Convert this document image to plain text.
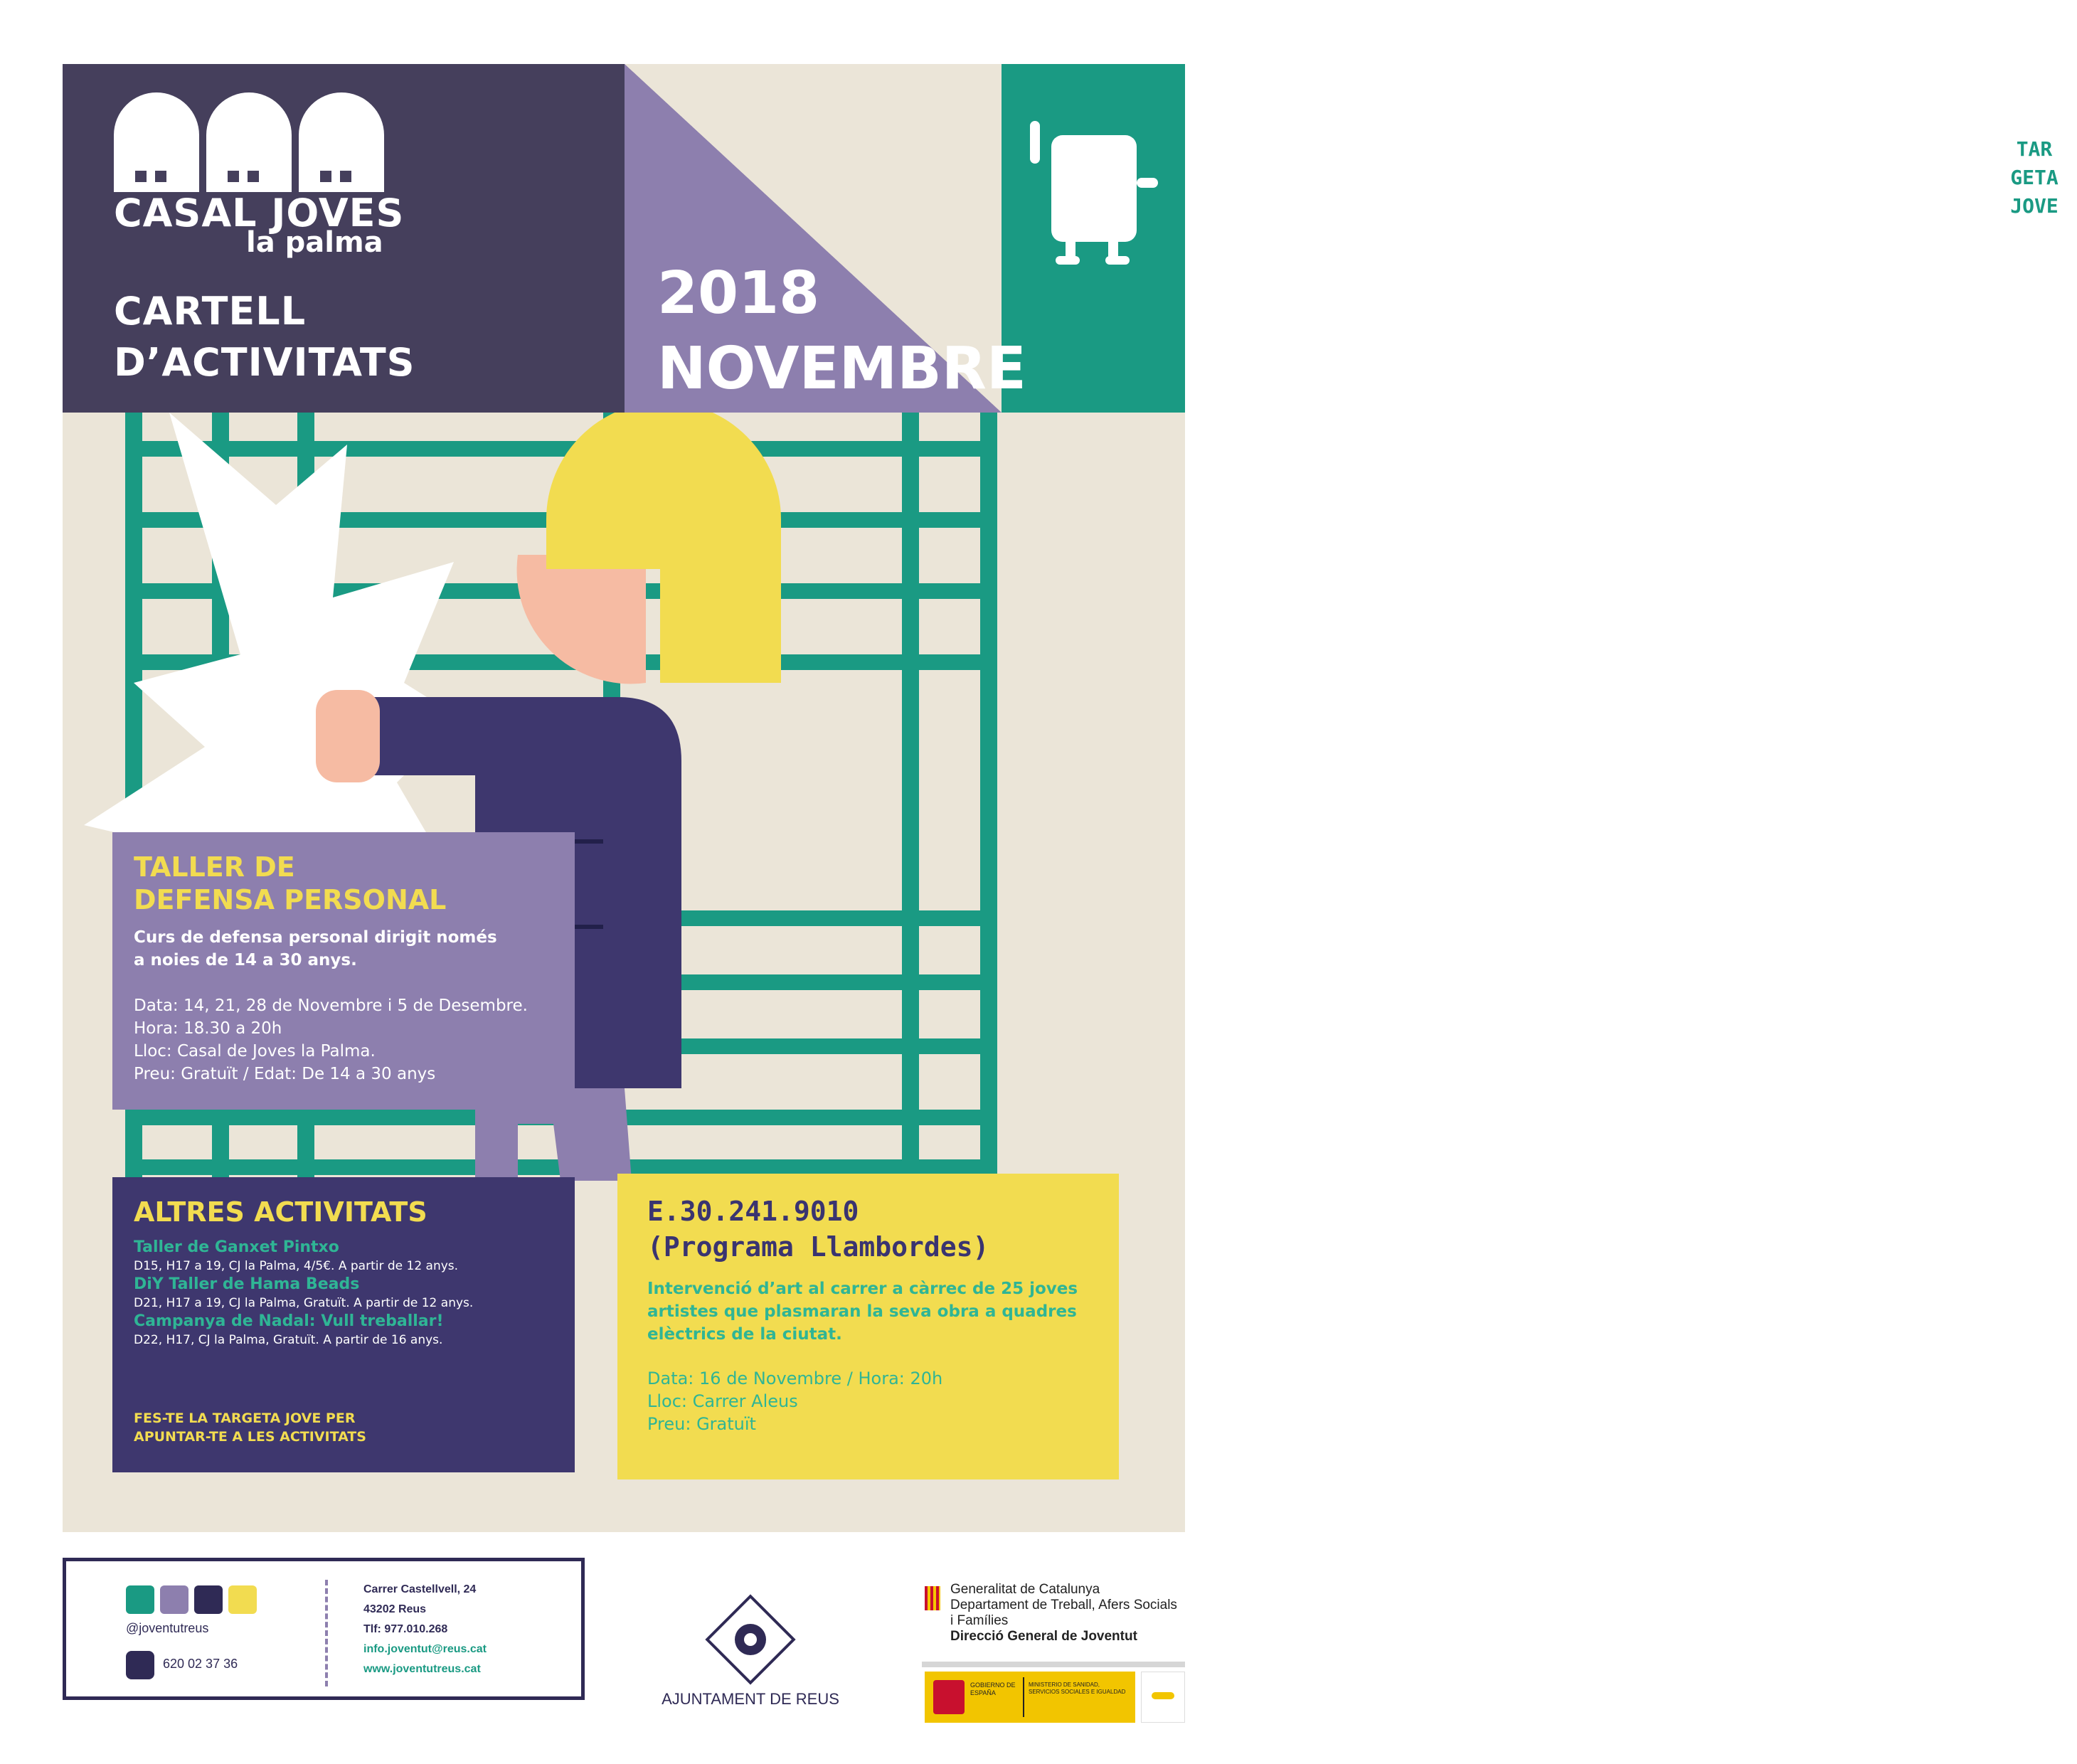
CASAL JOVES
la palma
CARTELL
D’ACTIVITATS
TAR
GETA
JOVE
2018
NOVEMBRE
TALLER DE
DEFENSA PERSONAL
Curs de defensa personal dirigit només
a noies de 14 a 30 anys.
Data: 14, 21, 28 de Novembre i 5 de Desembre.
Hora: 18.30 a 20h
Lloc: Casal de Joves la Palma.
Preu: Gratuït / Edat: De 14 a 30 anys
ALTRES ACTIVITATS
Taller de Ganxet Pintxo
D15, H17 a 19, CJ la Palma, 4/5€. A partir de 12 anys.
DiY Taller de Hama Beads
D21, H17 a 19, CJ la Palma, Gratuït. A partir de 12 anys.
Campanya de Nadal: Vull treballar!
D22, H17, CJ la Palma, Gratuït. A partir de 16 anys.
FES-TE LA TARGETA JOVE PER
APUNTAR-TE A LES ACTIVITATS
E.30.241.9010
(Programa Llambordes)
Intervenció d’art al carrer a càrrec de 25 joves
artistes que plasmaran la seva obra a quadres
elèctrics de la ciutat.
Data: 16 de Novembre / Hora: 20h
Lloc: Carrer Aleus
Preu: Gratuït
@joventutreus
620 02 37 36
Carrer Castellvell, 24
43202 Reus
Tlf: 977.010.268
info.joventut@reus.cat
www.joventutreus.cat
AJUNTAMENT DE REUS
Generalitat de Catalunya
Departament de Treball, Afers Socials
i Famílies
Direcció General de Joventut
GOBIERNO DE ESPAÑA
MINISTERIO DE SANIDAD, SERVICIOS SOCIALES E IGUALDAD
